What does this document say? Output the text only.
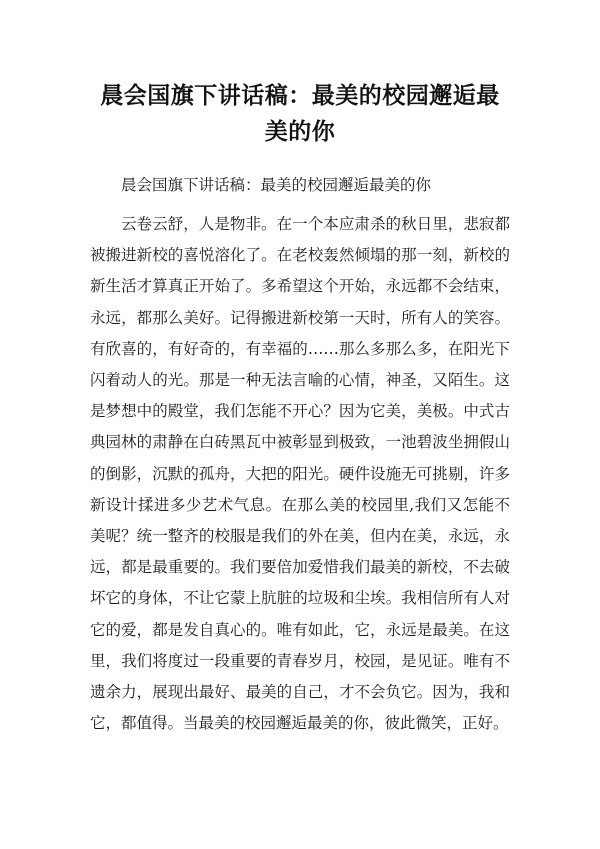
晨会国旗下讲话稿：最美的校园邂逅最美的你

晨会国旗下讲话稿：最美的校园邂逅最美的你

云卷云舒，人是物非。在一个本应肃杀的秋日里，悲寂都被搬进新校的喜悦溶化了。在老校轰然倾塌的那一刻，新校的新生活才算真正开始了。多希望这个开始，永远都不会结束，永远，都那么美好。记得搬进新校第一天时，所有人的笑容。有欣喜的，有好奇的，有幸福的……那么多那么多，在阳光下闪着动人的光。那是一种无法言喻的心情，神圣，又陌生。这是梦想中的殿堂，我们怎能不开心？因为它美，美极。中式古典园林的肃静在白砖黑瓦中被彰显到极致，一池碧波坐拥假山的倒影，沉默的孤舟，大把的阳光。硬件设施无可挑剔，许多新设计揉进多少艺术气息。在那么美的校园里,我们又怎能不美呢？统一整齐的校服是我们的外在美，但内在美，永远，永远，都是最重要的。我们要倍加爱惜我们最美的新校，不去破坏它的身体，不让它蒙上肮脏的垃圾和尘埃。我相信所有人对它的爱，都是发自真心的。唯有如此，它，永远是最美。在这里，我们将度过一段重要的青春岁月，校园，是见证。唯有不遗余力，展现出最好、最美的自己，才不会负它。因为，我和它，都值得。当最美的校园邂逅最美的你，彼此微笑，正好。
